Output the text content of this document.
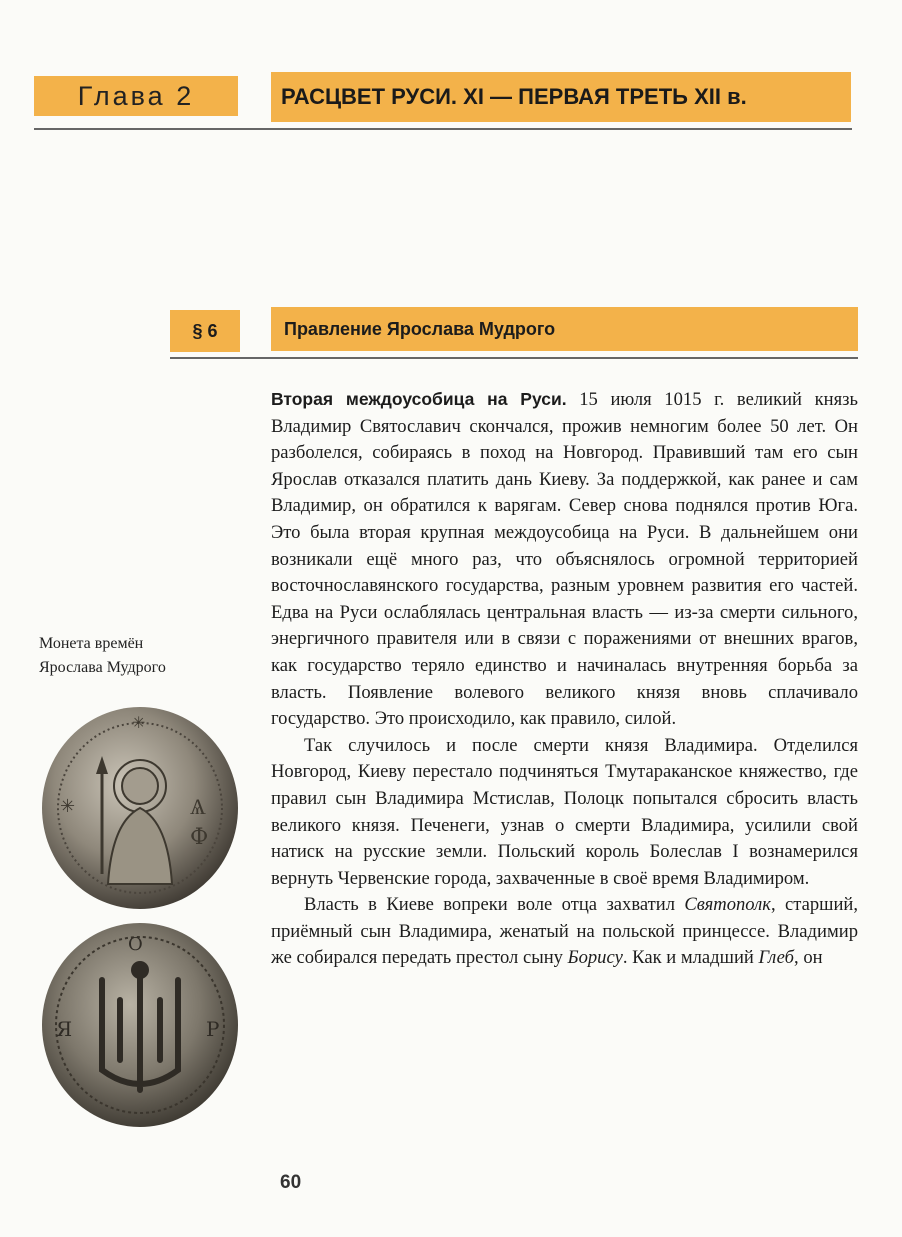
Глава 2	РАСЦВЕТ РУСИ. XI — ПЕРВАЯ ТРЕТЬ XII в.
§ 6	Правление Ярослава Мудрого
Монета времён
Ярослава Мудрого
Ѧ
Ф
✳
✳
Я	Р
О

Вторая междоусобица на Руси. 15 июля 1015 г. великий князь Владимир Святославич скончался, прожив немногим более 50 лет. Он разболелся, собираясь в поход на Новгород. Правивший там его сын Ярослав отказался платить дань Киеву. За поддержкой, как ранее и сам Владимир, он обратился к варягам. Север снова поднялся против Юга. Это была вторая крупная междоусобица на Руси. В дальнейшем они возникали ещё много раз, что объяснялось огромной территорией восточнославянского государства, разным уровнем развития его частей. Едва на Руси ослаблялась центральная власть — из-за смерти сильного, энергичного правителя или в связи с поражениями от внешних врагов, как государство теряло единство и начиналась внутренняя борьба за власть. Появление волевого великого князя вновь сплачивало государство. Это происходило, как правило, силой.

Так случилось и после смерти князя Владимира. Отделился Новгород, Киеву перестало подчиняться Тмутараканское княжество, где правил сын Владимира Мстислав, Полоцк попытался сбросить власть великого князя. Печенеги, узнав о смерти Владимира, усилили свой натиск на русские земли. Польский король Болеслав I вознамерился вернуть Червенские города, захваченные в своё время Владимиром.

Власть в Киеве вопреки воле отца захватил Святополк, старший, приёмный сын Владимира, женатый на польской принцессе. Владимир же собирался передать престол сыну Борису. Как и младший Глеб, он

60
